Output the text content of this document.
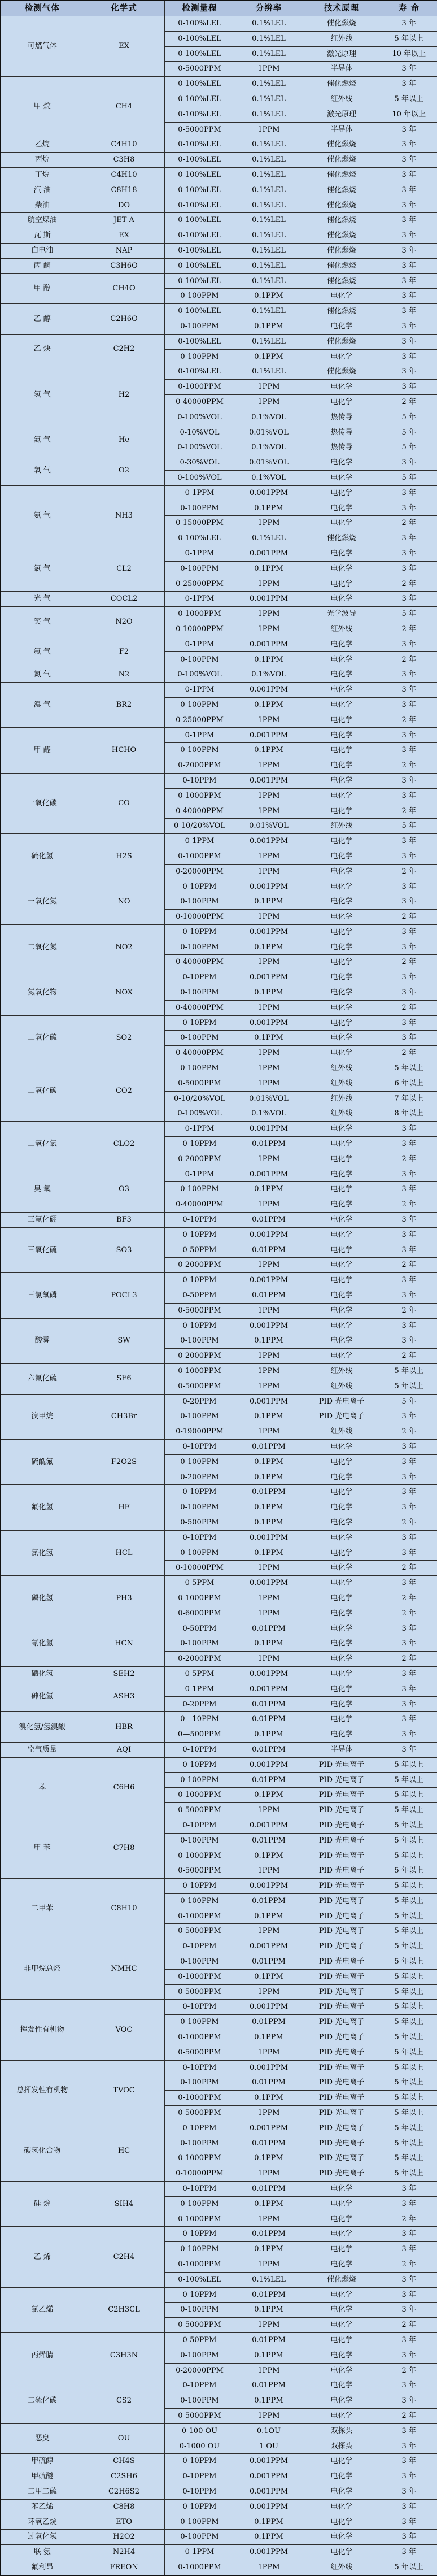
检测气体	化学式	检测量程	分辨率	技术原理	寿 命
可燃气体	EX	0-100%LEL	0.1%LEL	催化燃烧	3 年
		0-100%LEL	0.1%LEL	红外线	5 年以上
		0-100%LEL	0.1%LEL	激光原理	10 年以上
		0-5000PPM	1PPM	半导体	3 年
甲 烷	CH4	0-100%LEL	0.1%LEL	催化燃烧	3 年
		0-100%LEL	0.1%LEL	红外线	5 年以上
		0-100%LEL	0.1%LEL	激光原理	10 年以上
		0-5000PPM	1PPM	半导体	3 年
乙烷	C4H10	0-100%LEL	0.1%LEL	催化燃烧	3 年
丙烷	C3H8	0-100%LEL	0.1%LEL	催化燃烧	3 年
丁烷	C4H10	0-100%LEL	0.1%LEL	催化燃烧	3 年
汽 油	C8H18	0-100%LEL	0.1%LEL	催化燃烧	3 年
柴油	DO	0-100%LEL	0.1%LEL	催化燃烧	3 年
航空煤油	JET A	0-100%LEL	0.1%LEL	催化燃烧	3 年
瓦 斯	EX	0-100%LEL	0.1%LEL	催化燃烧	3 年
白电油	NAP	0-100%LEL	0.1%LEL	催化燃烧	3 年
丙 酮	C3H6O	0-100%LEL	0.1%LEL	催化燃烧	3 年
甲 醇	CH4O	0-100%LEL	0.1%LEL	催化燃烧	3 年
		0-100PPM	0.1PPM	电化学	3 年
乙 醇	C2H6O	0-100%LEL	0.1%LEL	催化燃烧	3 年
		0-100PPM	0.1PPM	电化学	3 年
乙 炔	C2H2	0-100%LEL	0.1%LEL	催化燃烧	3 年
		0-100PPM	0.1PPM	电化学	3 年
氢 气	H2	0-100%LEL	0.1%LEL	催化燃烧	3 年
		0-1000PPM	1PPM	电化学	3 年
		0-40000PPM	1PPM	电化学	2 年
		0-100%VOL	0.1%VOL	热传导	5 年
氦 气	He	0-10%VOL	0.01%VOL	热传导	5 年
		0-100%VOL	0.1%VOL	热传导	5 年
氧 气	O2	0-30%VOL	0.01%VOL	电化学	3 年
		0-100%VOL	0.1%VOL	电化学	5 年
氨 气	NH3	0-1PPM	0.001PPM	电化学	3 年
		0-100PPM	0.1PPM	电化学	3 年
		0-15000PPM	1PPM	电化学	2 年
		0-100%LEL	0.1%LEL	催化燃烧	3 年
氯 气	CL2	0-1PPM	0.001PPM	电化学	3 年
		0-100PPM	0.1PPM	电化学	3 年
		0-25000PPM	1PPM	电化学	2 年
光 气	COCL2	0-1PPM	0.001PPM	电化学	3 年
笑 气	N2O	0-1000PPM	1PPM	光学波导	5 年
		0-10000PPM	1PPM	红外线	2 年
氟 气	F2	0-1PPM	0.001PPM	电化学	3 年
		0-100PPM	0.1PPM	电化学	2 年
氮 气	N2	0-100%VOL	0.1%VOL	电化学	3 年
溴 气	BR2	0-1PPM	0.001PPM	电化学	3 年
		0-100PPM	0.1PPM	电化学	3 年
		0-25000PPM	1PPM	电化学	2 年
甲 醛	HCHO	0-1PPM	0.001PPM	电化学	3 年
		0-100PPM	0.1PPM	电化学	3 年
		0-2000PPM	1PPM	电化学	2 年
一氧化碳	CO	0-10PPM	0.001PPM	电化学	3 年
		0-1000PPM	1PPM	电化学	3 年
		0-40000PPM	1PPM	电化学	2 年
		0-10/20%VOL	0.01%VOL	红外线	5 年
硫化氢	H2S	0-1PPM	0.001PPM	电化学	3 年
		0-1000PPM	1PPM	电化学	3 年
		0-20000PPM	1PPM	电化学	2 年
一氧化氮	NO	0-10PPM	0.001PPM	电化学	3 年
		0-100PPM	0.1PPM	电化学	3 年
		0-10000PPM	1PPM	电化学	2 年
二氧化氮	NO2	0-10PPM	0.001PPM	电化学	3 年
		0-100PPM	0.1PPM	电化学	3 年
		0-40000PPM	1PPM	电化学	2 年
氮氧化物	NOX	0-10PPM	0.001PPM	电化学	3 年
		0-100PPM	0.1PPM	电化学	3 年
		0-40000PPM	1PPM	电化学	2 年
二氧化硫	SO2	0-10PPM	0.001PPM	电化学	3 年
		0-100PPM	0.1PPM	电化学	3 年
		0-40000PPM	1PPM	电化学	2 年
二氧化碳	CO2	0-100PPM	1PPM	红外线	5 年以上
		0-5000PPM	1PPM	红外线	6 年以上
		0-10/20%VOL	0.01%VOL	红外线	7 年以上
		0-100%VOL	0.1%VOL	红外线	8 年以上
二氧化氯	CLO2	0-1PPM	0.001PPM	电化学	3 年
		0-10PPM	0.01PPM	电化学	3 年
		0-2000PPM	1PPM	电化学	2 年
臭 氧	O3	0-1PPM	0.001PPM	电化学	3 年
		0-100PPM	0.1PPM	电化学	3 年
		0-40000PPM	1PPM	电化学	2 年
三氟化硼	BF3	0-10PPM	0.01PPM	电化学	3 年
三氧化硫	SO3	0-10PPM	0.001PPM	电化学	3 年
		0-50PPM	0.01PPM	电化学	3 年
		0-2000PPM	1PPM	电化学	2 年
三氯氧磷	POCL3	0-10PPM	0.001PPM	电化学	3 年
		0-50PPM	0.01PPM	电化学	3 年
		0-5000PPM	1PPM	电化学	2 年
酸雾	SW	0-10PPM	0.001PPM	电化学	3 年
		0-100PPM	0.1PPM	电化学	3 年
		0-2000PPM	1PPM	电化学	2 年
六氟化硫	SF6	0-1000PPM	1PPM	红外线	5 年以上
		0-5000PPM	1PPM	红外线	5 年以上
溴甲烷	CH3Br	0-20PPM	0.001PPM	PID 光电离子	5 年
		0-100PPM	0.1PPM	PID 光电离子	3 年
		0-19000PPM	1PPM	红外线	2 年
硫酰氟	F2O2S	0-10PPM	0.01PPM	电化学	3 年
		0-100PPM	0.1PPM	电化学	3 年
		0-200PPM	0.1PPM	电化学	3 年
氟化氢	HF	0-10PPM	0.01PPM	电化学	3 年
		0-100PPM	0.1PPM	电化学	3 年
		0-500PPM	0.1PPM	电化学	2 年
氯化氢	HCL	0-10PPM	0.001PPM	电化学	3 年
		0-100PPM	0.1PPM	电化学	3 年
		0-10000PPM	1PPM	电化学	2 年
磷化氢	PH3	0-5PPM	0.001PPM	电化学	3 年
		0-1000PPM	1PPM	电化学	2 年
		0-6000PPM	1PPM	电化学	2 年
氰化氢	HCN	0-50PPM	0.01PPM	电化学	3 年
		0-100PPM	0.1PPM	电化学	3 年
		0-2000PPM	1PPM	电化学	2 年
硒化氢	SEH2	0-5PPM	0.001PPM	电化学	3 年
砷化氢	ASH3	0-1PPM	0.001PPM	电化学	3 年
		0-20PPM	0.01PPM	电化学	3 年
溴化氢/氢溴酸	HBR	0—10PPM	0.01PPM	电化学	3 年
		0—500PPM	0.1PPM	电化学	3 年
空气质量	AQI	0-10PPM	0.01PPM	半导体	3 年
苯	C6H6	0-10PPM	0.001PPM	PID 光电离子	5 年以上
		0-100PPM	0.01PPM	PID 光电离子	5 年以上
		0-1000PPM	0.1PPM	PID 光电离子	5 年以上
		0-5000PPM	1PPM	PID 光电离子	5 年以上
甲 苯	C7H8	0-10PPM	0.001PPM	PID 光电离子	5 年以上
		0-100PPM	0.01PPM	PID 光电离子	5 年以上
		0-1000PPM	0.1PPM	PID 光电离子	5 年以上
		0-5000PPM	1PPM	PID 光电离子	5 年以上
二甲苯	C8H10	0-10PPM	0.001PPM	PID 光电离子	5 年以上
		0-100PPM	0.01PPM	PID 光电离子	5 年以上
		0-1000PPM	0.1PPM	PID 光电离子	5 年以上
		0-5000PPM	1PPM	PID 光电离子	5 年以上
非甲烷总烃	NMHC	0-10PPM	0.001PPM	PID 光电离子	5 年以上
		0-100PPM	0.01PPM	PID 光电离子	5 年以上
		0-1000PPM	0.1PPM	PID 光电离子	5 年以上
		0-5000PPM	1PPM	PID 光电离子	5 年以上
挥发性有机物	VOC	0-10PPM	0.001PPM	PID 光电离子	5 年以上
		0-100PPM	0.01PPM	PID 光电离子	5 年以上
		0-1000PPM	0.1PPM	PID 光电离子	5 年以上
		0-5000PPM	1PPM	PID 光电离子	5 年以上
总挥发性有机物	TVOC	0-10PPM	0.001PPM	PID 光电离子	5 年以上
		0-100PPM	0.01PPM	PID 光电离子	5 年以上
		0-1000PPM	0.1PPM	PID 光电离子	5 年以上
		0-5000PPM	1PPM	PID 光电离子	5 年以上
碳氢化合物	HC	0-10PPM	0.001PPM	PID 光电离子	5 年以上
		0-100PPM	0.01PPM	PID 光电离子	5 年以上
		0-1000PPM	0.1PPM	PID 光电离子	5 年以上
		0-10000PPM	1PPM	PID 光电离子	5 年以上
硅 烷	SIH4	0-10PPM	0.01PPM	电化学	3 年
		0-100PPM	0.1PPM	电化学	3 年
		0-1000PPM	1PPM	电化学	2 年
乙 烯	C2H4	0-10PPM	0.01PPM	电化学	3 年
		0-100PPM	0.1PPM	电化学	3 年
		0-1000PPM	1PPM	电化学	2 年
		0-100%LEL	0.1%LEL	催化燃烧	3 年
氯乙烯	C2H3CL	0-10PPM	0.01PPM	电化学	3 年
		0-100PPM	0.1PPM	电化学	3 年
		0-5000PPM	1PPM	电化学	2 年
丙烯腈	C3H3N	0-50PPM	0.01PPM	电化学	3 年
		0-100PPM	0.1PPM	电化学	3 年
		0-20000PPM	1PPM	电化学	2 年
二硫化碳	CS2	0-10PPM	0.01PPM	电化学	3 年
		0-100PPM	0.1PPM	电化学	3 年
		0-5000PPM	1PPM	电化学	2 年
恶臭	OU	0-100 OU	0.1OU	双探头	3 年
		0-1000 OU	1 OU	双探头	3 年
甲硫醇	CH4S	0-10PPM	0.001PPM	电化学	3 年
甲硫醚	C2SH6	0-10PPM	0.001PPM	电化学	3 年
二甲二硫	C2H6S2	0-10PPM	0.001PPM	电化学	3 年
苯乙烯	C8H8	0-10PPM	0.001PPM	电化学	3 年
环氧乙烷	ETO	0-100PPM	0.1PPM	电化学	3 年
过氧化氢	H2O2	0-100PPM	0.1PPM	电化学	3 年
联 氨	N2H4	0-1PPM	0.001PPM	电化学	3 年
氟利昂	FREON	0-1000PPM	1PPM	红外线	5 年以上
